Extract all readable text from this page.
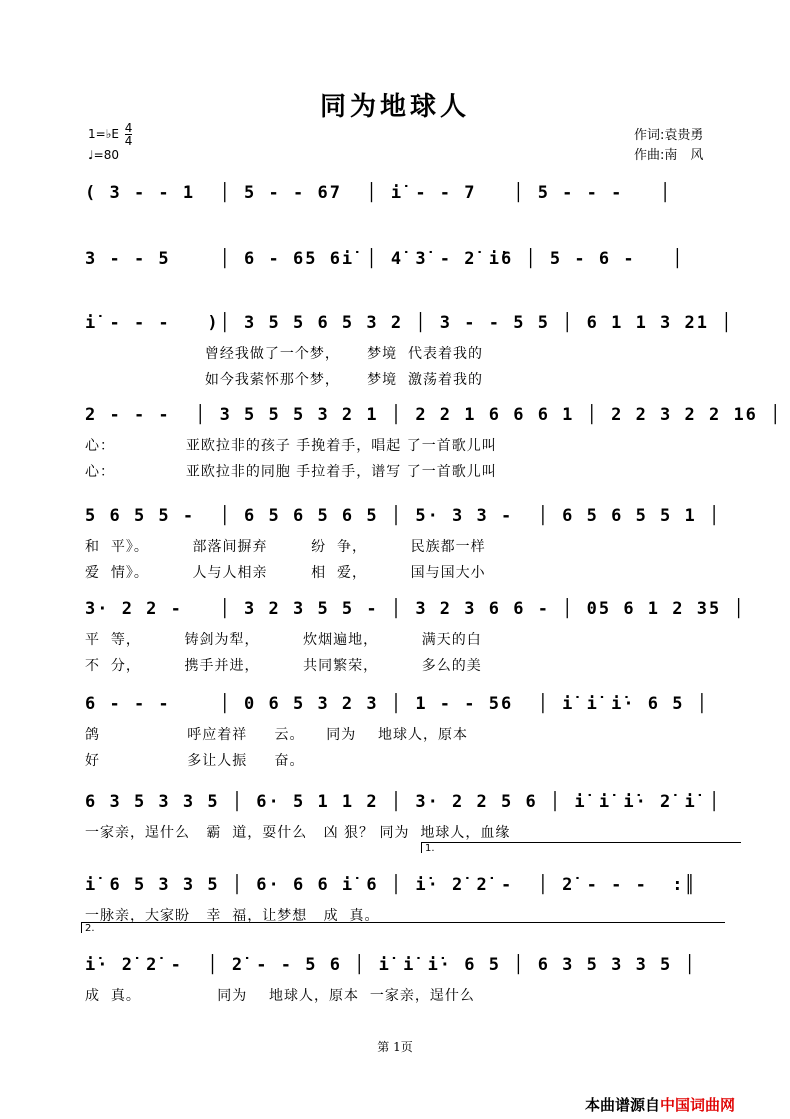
同为地球人
1=♭E $\frac{4}{4}$
♩=80
作词:袁贵勇
作曲:南　风
( 3 - - 1  │ 5 - - 67  │ i̇ - - 7   │ 5 - - -   │
3 - - 5    │ 6 - 65 6i̇ │ 4̇ 3̇ - 2̇ i̇6 │ 5 - 6 -   │
i̇ - - -   )│ 3 5 5 6 5 3 2 │ 3 - - 5 5 │ 6 1 1 3 21 │
曾经我做了一个梦，     梦境  代表着我的
如今我萦怀那个梦，     梦境  激荡着我的
2 - - -  │ 3 5 5 5 3 2 1 │ 2 2 1 6 6 6 1 │ 2 2 3 2 2 16 │
心：             亚欧拉非的孩子 手挽着手，唱起 了一首歌儿叫
心：             亚欧拉非的同胞 手拉着手，谱写 了一首歌儿叫
5 6 5 5 -  │ 6 5 6 5 6 5 │ 5· 3 3 -  │ 6 5 6 5 5 1 │
和  平》。        部落间摒弃        纷  争，        民族都一样
爱  情》。        人与人相亲        相  爱，        国与国大小
3· 2 2 -   │ 3 2 3 5 5 - │ 3 2 3 6 6 - │ 05 6 1 2 35 │
平  等，        铸剑为犁，        炊烟遍地，        满天的白
不  分，        携手并进，        共同繁荣，        多么的美
6 - - -    │ 0 6 5 3 2 3 │ 1 - - 56  │ i̇ i̇ i̇· 6 5 │
鸽                呼应着祥     云。    同为    地球人，原本
好                多让人振     奋。
6 3 5 3 3 5 │ 6· 5 1 1 2 │ 3· 2 2 5 6 │ i̇ i̇ i̇· 2̇ i̇ │
一家亲，逞什么   霸  道，耍什么   凶 狠？ 同为  地球人，血缘
i̇ 6 5 3 3 5 │ 6· 6 6 i̇ 6 │ i̇· 2̇ 2̇ -  │ 2̇ - - -  :║
一脉亲，大家盼   幸  福，让梦想   成  真。
1.
i̇· 2̇ 2̇ -  │ 2̇ - - 5 6 │ i̇ i̇ i̇· 6 5 │ 6 3 5 3 3 5 │
成  真。              同为    地球人，原本  一家亲，逞什么
2.
第 1页
本曲谱源自中国词曲网
